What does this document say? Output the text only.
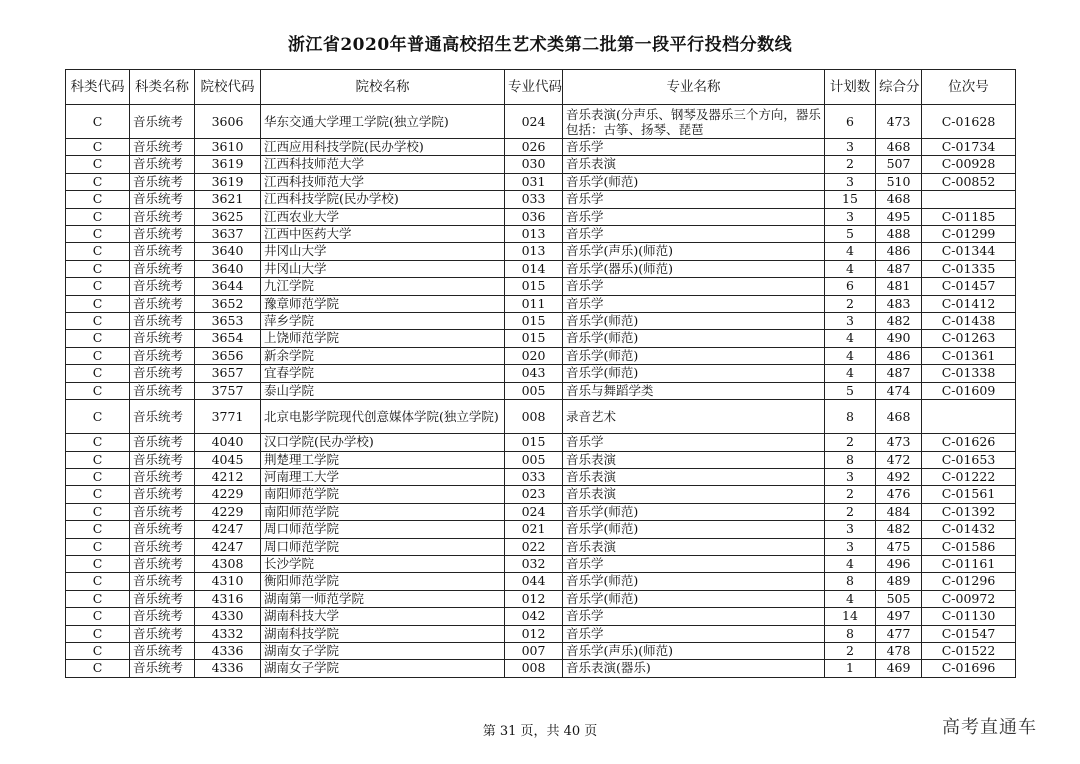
浙江省2020年普通高校招生艺术类第二批第一段平行投档分数线
科类代码	科类名称	院校代码	院校名称	专业代码	专业名称	计划数	综合分	位次号
C	音乐统考	3606	华东交通大学理工学院(独立学院)	024	音乐表演(分声乐、钢琴及器乐三个方向，器乐包括：古筝、扬琴、琵琶	6	473	C-01628
C	音乐统考	3610	江西应用科技学院(民办学校)	026	音乐学	3	468	C-01734
C	音乐统考	3619	江西科技师范大学	030	音乐表演	2	507	C-00928
C	音乐统考	3619	江西科技师范大学	031	音乐学(师范)	3	510	C-00852
C	音乐统考	3621	江西科技学院(民办学校)	033	音乐学	15	468	
C	音乐统考	3625	江西农业大学	036	音乐学	3	495	C-01185
C	音乐统考	3637	江西中医药大学	013	音乐学	5	488	C-01299
C	音乐统考	3640	井冈山大学	013	音乐学(声乐)(师范)	4	486	C-01344
C	音乐统考	3640	井冈山大学	014	音乐学(器乐)(师范)	4	487	C-01335
C	音乐统考	3644	九江学院	015	音乐学	6	481	C-01457
C	音乐统考	3652	豫章师范学院	011	音乐学	2	483	C-01412
C	音乐统考	3653	萍乡学院	015	音乐学(师范)	3	482	C-01438
C	音乐统考	3654	上饶师范学院	015	音乐学(师范)	4	490	C-01263
C	音乐统考	3656	新余学院	020	音乐学(师范)	4	486	C-01361
C	音乐统考	3657	宜春学院	043	音乐学(师范)	4	487	C-01338
C	音乐统考	3757	泰山学院	005	音乐与舞蹈学类	5	474	C-01609
C	音乐统考	3771	北京电影学院现代创意媒体学院(独立学院)	008	录音艺术	8	468	
C	音乐统考	4040	汉口学院(民办学校)	015	音乐学	2	473	C-01626
C	音乐统考	4045	荆楚理工学院	005	音乐表演	8	472	C-01653
C	音乐统考	4212	河南理工大学	033	音乐表演	3	492	C-01222
C	音乐统考	4229	南阳师范学院	023	音乐表演	2	476	C-01561
C	音乐统考	4229	南阳师范学院	024	音乐学(师范)	2	484	C-01392
C	音乐统考	4247	周口师范学院	021	音乐学(师范)	3	482	C-01432
C	音乐统考	4247	周口师范学院	022	音乐表演	3	475	C-01586
C	音乐统考	4308	长沙学院	032	音乐学	4	496	C-01161
C	音乐统考	4310	衡阳师范学院	044	音乐学(师范)	8	489	C-01296
C	音乐统考	4316	湖南第一师范学院	012	音乐学(师范)	4	505	C-00972
C	音乐统考	4330	湖南科技大学	042	音乐学	14	497	C-01130
C	音乐统考	4332	湖南科技学院	012	音乐学	8	477	C-01547
C	音乐统考	4336	湖南女子学院	007	音乐学(声乐)(师范)	2	478	C-01522
C	音乐统考	4336	湖南女子学院	008	音乐表演(器乐)	1	469	C-01696
第 31 页，共 40 页	高考直通车
